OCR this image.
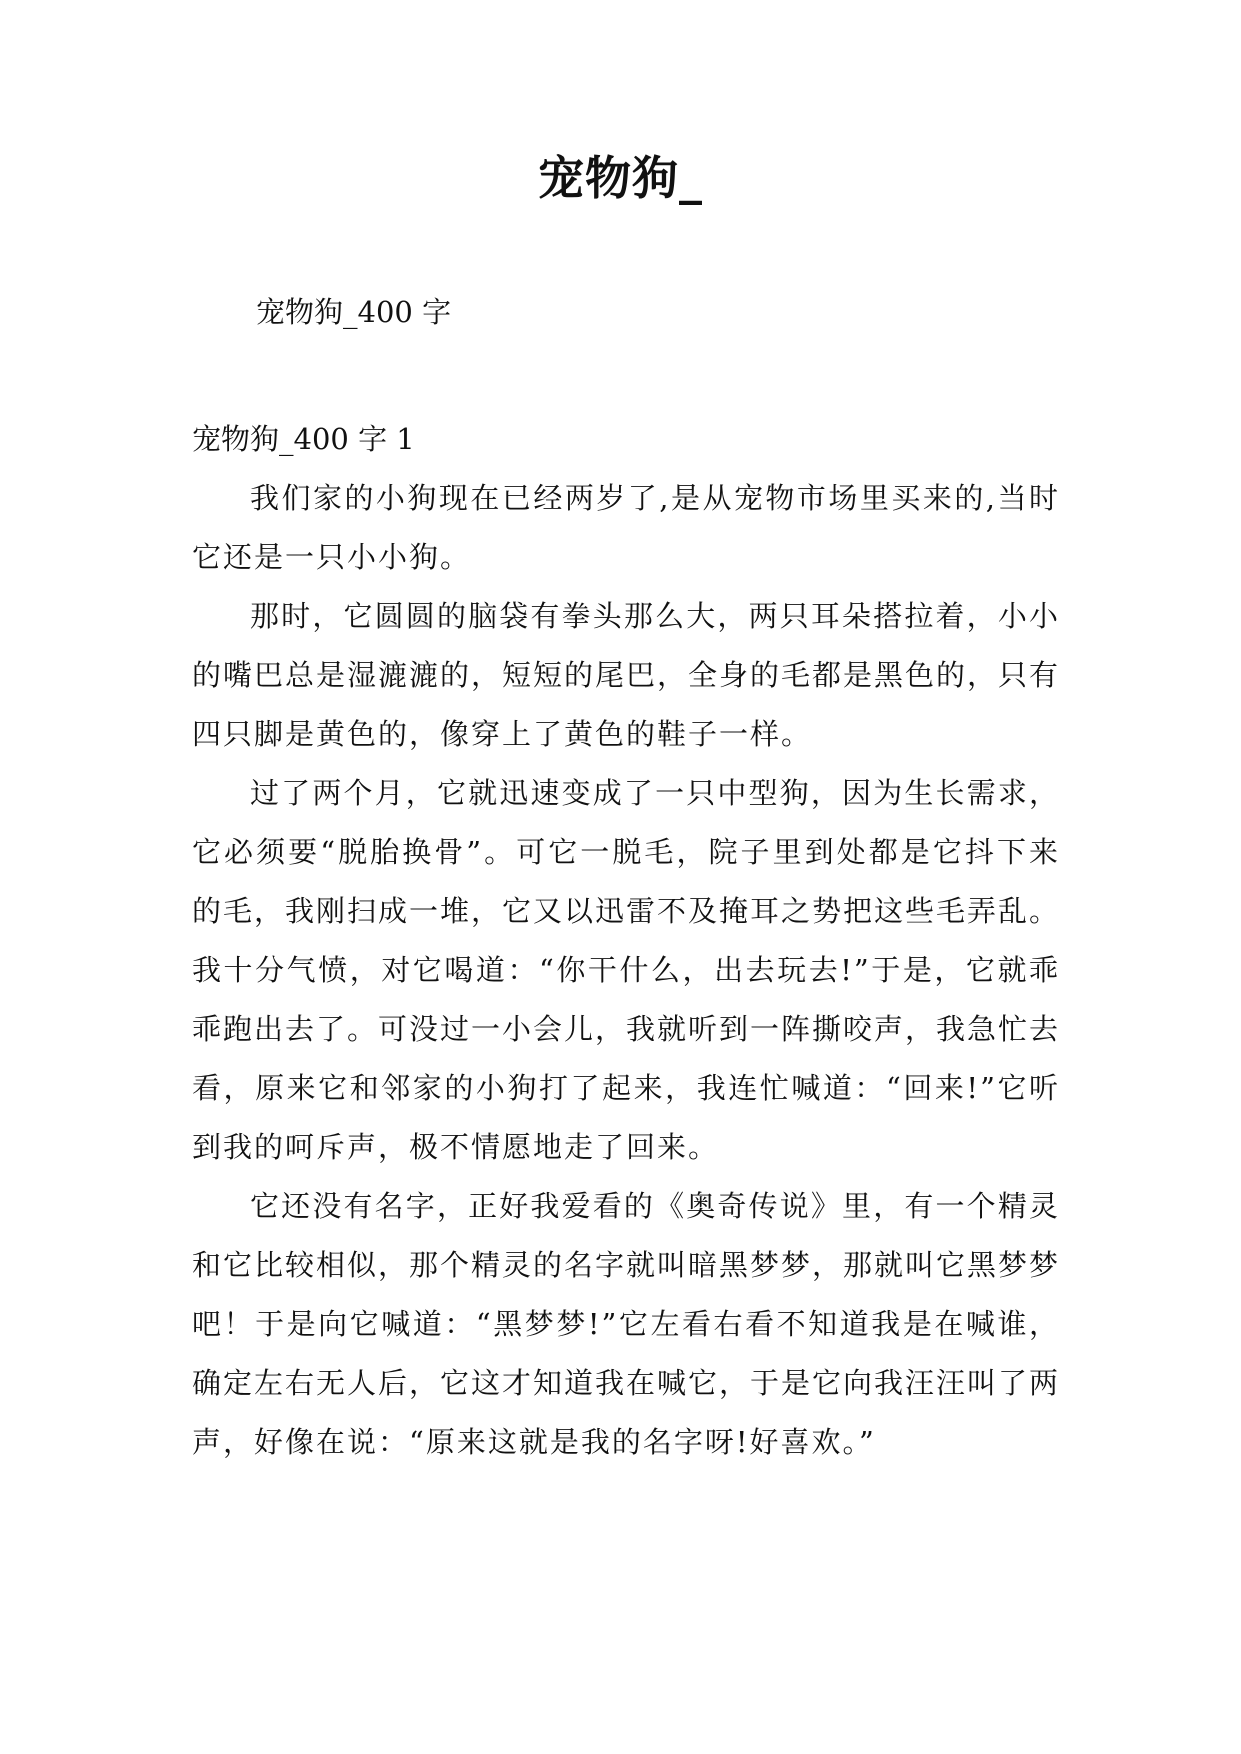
宠物狗_
宠物狗_400 字

宠物狗_400 字 1

我们家的小狗现在已经两岁了,是从宠物市场里买来的,当时它还是一只小小狗。

那时，它圆圆的脑袋有拳头那么大，两只耳朵搭拉着，小小的嘴巴总是湿漉漉的，短短的尾巴，全身的毛都是黑色的，只有四只脚是黄色的，像穿上了黄色的鞋子一样。

过了两个月，它就迅速变成了一只中型狗，因为生长需求，它必须要“脱胎换骨”。可它一脱毛，院子里到处都是它抖下来的毛，我刚扫成一堆，它又以迅雷不及掩耳之势把这些毛弄乱。我十分气愤，对它喝道：“你干什么，出去玩去!”于是，它就乖乖跑出去了。可没过一小会儿，我就听到一阵撕咬声，我急忙去看，原来它和邻家的小狗打了起来，我连忙喊道：“回来!”它听到我的呵斥声，极不情愿地走了回来。

它还没有名字，正好我爱看的《奥奇传说》里，有一个精灵和它比较相似，那个精灵的名字就叫暗黑梦梦，那就叫它黑梦梦吧！于是向它喊道：“黑梦梦!”它左看右看不知道我是在喊谁，确定左右无人后，它这才知道我在喊它，于是它向我汪汪叫了两声，好像在说：“原来这就是我的名字呀!好喜欢。”
